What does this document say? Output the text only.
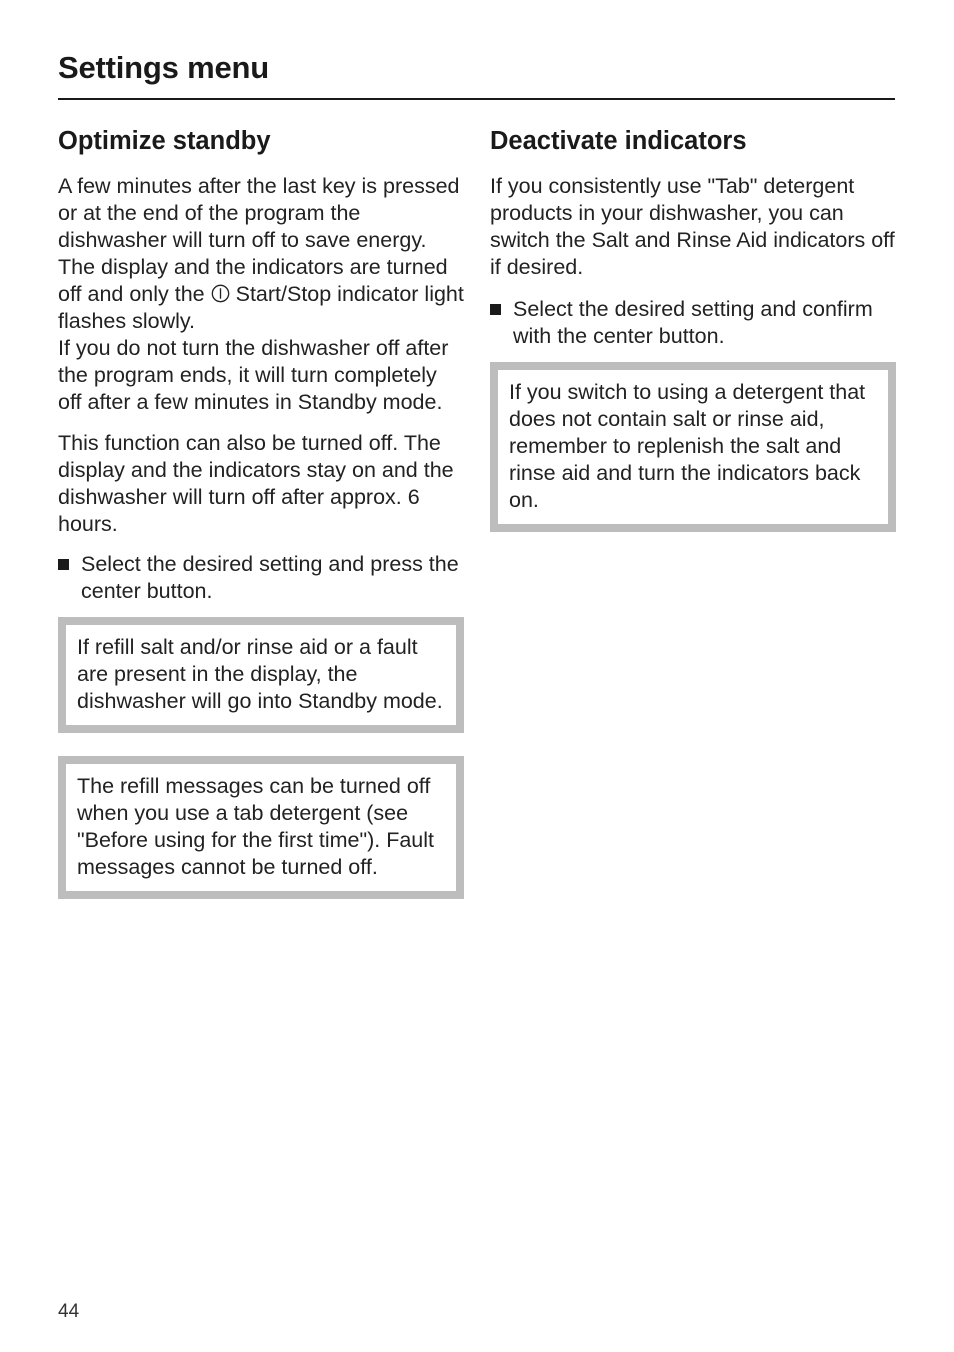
Settings menu
Optimize standby

A few minutes after the last key is pressed or at the end of the program the dishwasher will turn off to save energy. The display and the indicators are turned off and only the  Start/Stop indicator light flashes slowly.

If you do not turn the dishwasher off after the program ends, it will turn completely off after a few minutes in Standby mode.

This function can also be turned off. The display and the indicators stay on and the dishwasher will turn off after approx. 6 hours.

Select the desired setting and press the center button.
If refill salt and/or rinse aid or a fault are present in the display, the dishwasher will go into Standby mode.
The refill messages can be turned off when you use a tab detergent (see "Before using for the first time"). Fault messages cannot be turned off.
Deactivate indicators

If you consistently use "Tab" detergent products in your dishwasher, you can switch the Salt and Rinse Aid indicators off if desired.

Select the desired setting and confirm with the center button.
If you switch to using a detergent that does not contain salt or rinse aid, remember to replenish the salt and rinse aid and turn the indicators back on.
44
